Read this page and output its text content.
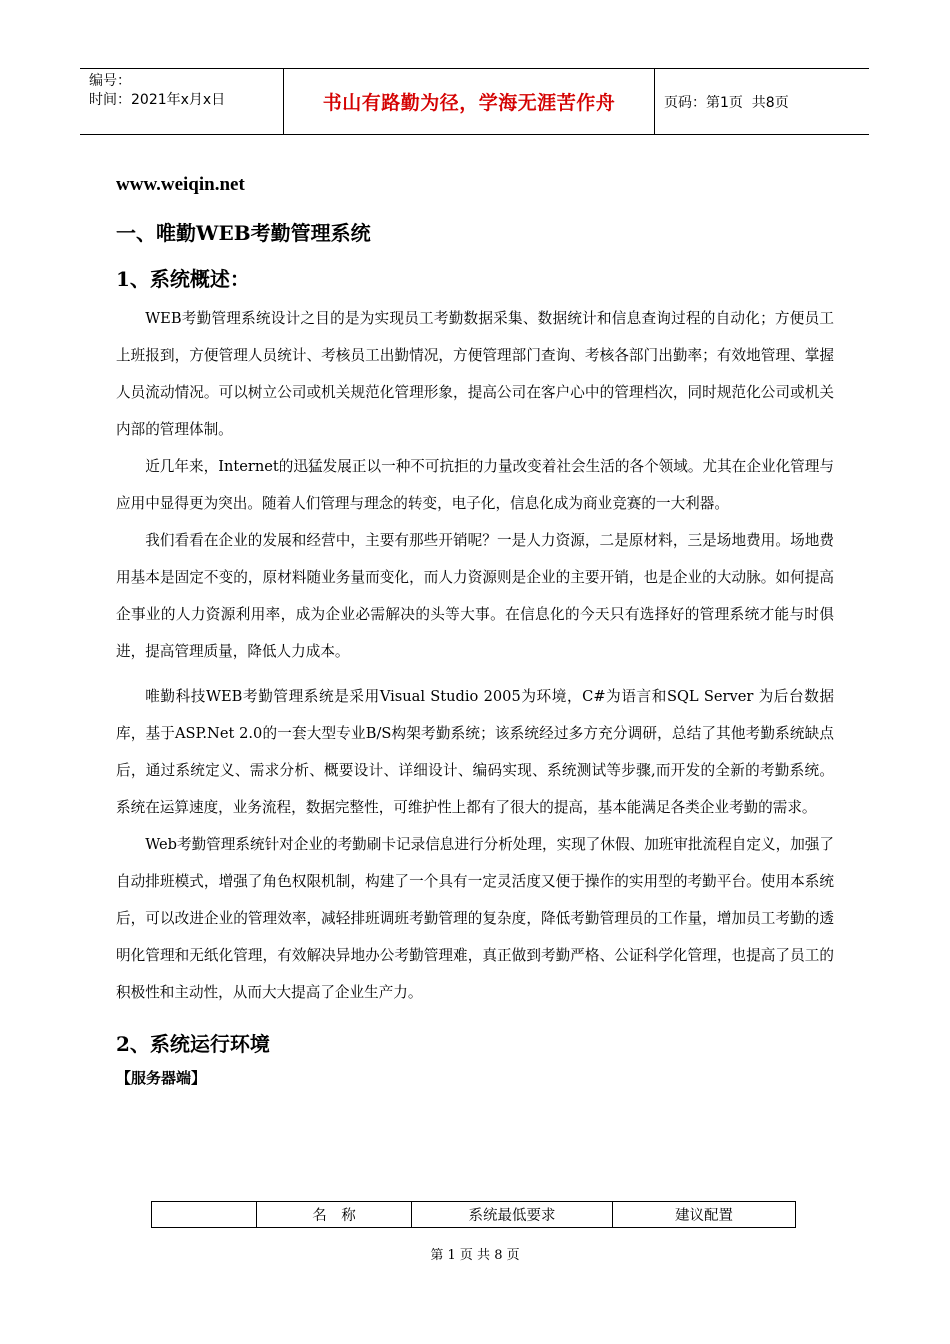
编号：
时间：2021年x月x日	书山有路勤为径，学海无涯苦作舟	页码：第1页  共8页

www.weiqin.net

一、唯勤WEB考勤管理系统

1、系统概述：

WEB考勤管理系统设计之目的是为实现员工考勤数据采集、数据统计和信息查询过程的自动化；方便员工上班报到，方便管理人员统计、考核员工出勤情况，方便管理部门查询、考核各部门出勤率；有效地管理、掌握人员流动情况。可以树立公司或机关规范化管理形象，提高公司在客户心中的管理档次，同时规范化公司或机关内部的管理体制。

近几年来，Internet的迅猛发展正以一种不可抗拒的力量改变着社会生活的各个领域。尤其在企业化管理与应用中显得更为突出。随着人们管理与理念的转变，电子化，信息化成为商业竞赛的一大利器。

我们看看在企业的发展和经营中，主要有那些开销呢？一是人力资源，二是原材料，三是场地费用。场地费用基本是固定不变的，原材料随业务量而变化，而人力资源则是企业的主要开销，也是企业的大动脉。如何提高企事业的人力资源利用率，成为企业必需解决的头等大事。在信息化的今天只有选择好的管理系统才能与时俱进，提高管理质量，降低人力成本。

唯勤科技WEB考勤管理系统是采用Visual Studio 2005为环境，C#为语言和SQL Server 为后台数据库，基于ASP.Net 2.0的一套大型专业B/S构架考勤系统；该系统经过多方充分调研，总结了其他考勤系统缺点后，通过系统定义、需求分析、概要设计、详细设计、编码实现、系统测试等步骤,而开发的全新的考勤系统。系统在运算速度，业务流程，数据完整性，可维护性上都有了很大的提高，基本能满足各类企业考勤的需求。

Web考勤管理系统针对企业的考勤刷卡记录信息进行分析处理，实现了休假、加班审批流程自定义，加强了自动排班模式，增强了角色权限机制，构建了一个具有一定灵活度又便于操作的实用型的考勤平台。使用本系统后，可以改进企业的管理效率，减轻排班调班考勤管理的复杂度，降低考勤管理员的工作量，增加员工考勤的透明化管理和无纸化管理，有效解决异地办公考勤管理难，真正做到考勤严格、公证科学化管理，也提高了员工的积极性和主动性，从而大大提高了企业生产力。

2、系统运行环境

【服务器端】

	名　称	系统最低要求	建议配置
第 1 页 共 8 页
